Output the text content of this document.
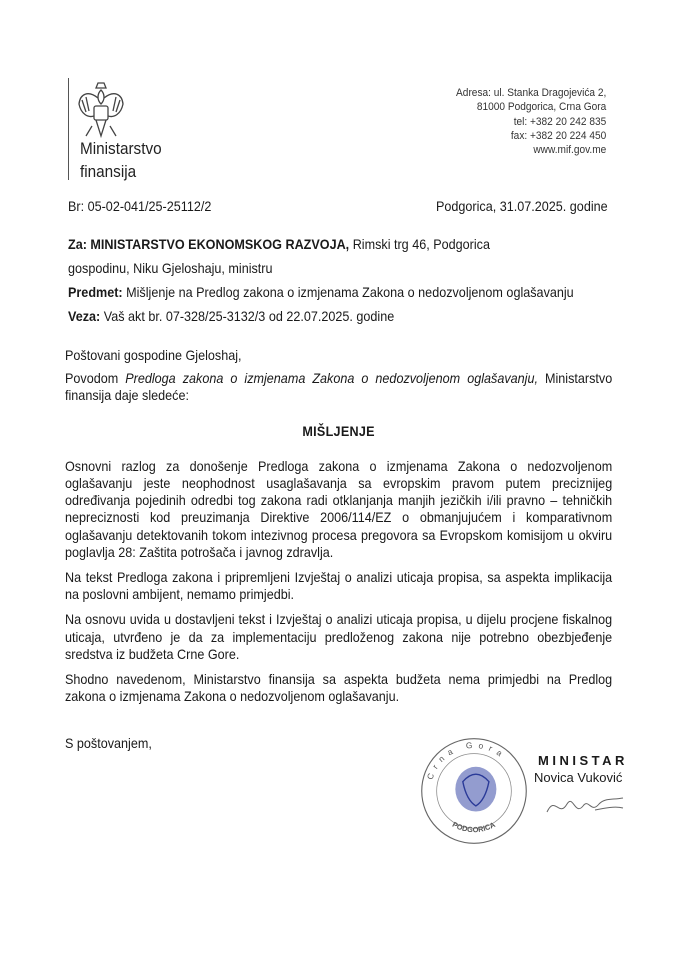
Ministarstvo
finansija
Adresa: ul. Stanka Dragojevića 2,
81000 Podgorica, Crna Gora
tel: +382 20 242 835
fax: +382 20 224 450
www.mif.gov.me
Br: 05-02-041/25-25112/2	Podgorica, 31.07.2025. godine
Za: MINISTARSTVO EKONOMSKOG RAZVOJA, Rimski trg 46, Podgorica
gospodinu, Niku Gjeloshaju, ministru
Predmet: Mišljenje na Predlog zakona o izmjenama Zakona o nedozvoljenom oglašavanju
Veza: Vaš akt br. 07-328/25-3132/3 od 22.07.2025. godine
Poštovani gospodine Gjeloshaj,
Povodom Predloga zakona o izmjenama Zakona o nedozvoljenom oglašavanju, Ministarstvo finansija daje sledeće:
MIŠLJENJE

Osnovni razlog za donošenje Predloga zakona o izmjenama Zakona o nedozvoljenom oglašavanju jeste neophodnost usaglašavanja sa evropskim pravom putem preciznijeg određivanja pojedinih odredbi tog zakona radi otklanjanja manjih jezičkih i/ili pravno – tehničkih nepreciznosti kod preuzimanja Direktive 2006/114/EZ o obmanjujućem i komparativnom oglašavanju detektovanih tokom intezivnog procesa pregovora sa Evropskom komisijom u okviru poglavlja 28: Zaštita potrošača i javnog zdravlja.

Na tekst Predloga zakona i pripremljeni Izvještaj o analizi uticaja propisa, sa aspekta implikacija na poslovni ambijent, nemamo primjedbi.

Na osnovu uvida u dostavljeni tekst i Izvještaj o analizi uticaja propisa, u dijelu procjene fiskalnog uticaja, utvrđeno je da za implementaciju predloženog zakona nije potrebno obezbjeđenje sredstva iz budžeta Crne Gore.

Shodno navedenom, Ministarstvo finansija sa aspekta budžeta nema primjedbi na Predlog zakona o izmjenama Zakona o nedozvoljenom oglašavanju.

S poštovanjem,
Crna Gora
PODGORICA
MINISTAR
Novica Vuković
